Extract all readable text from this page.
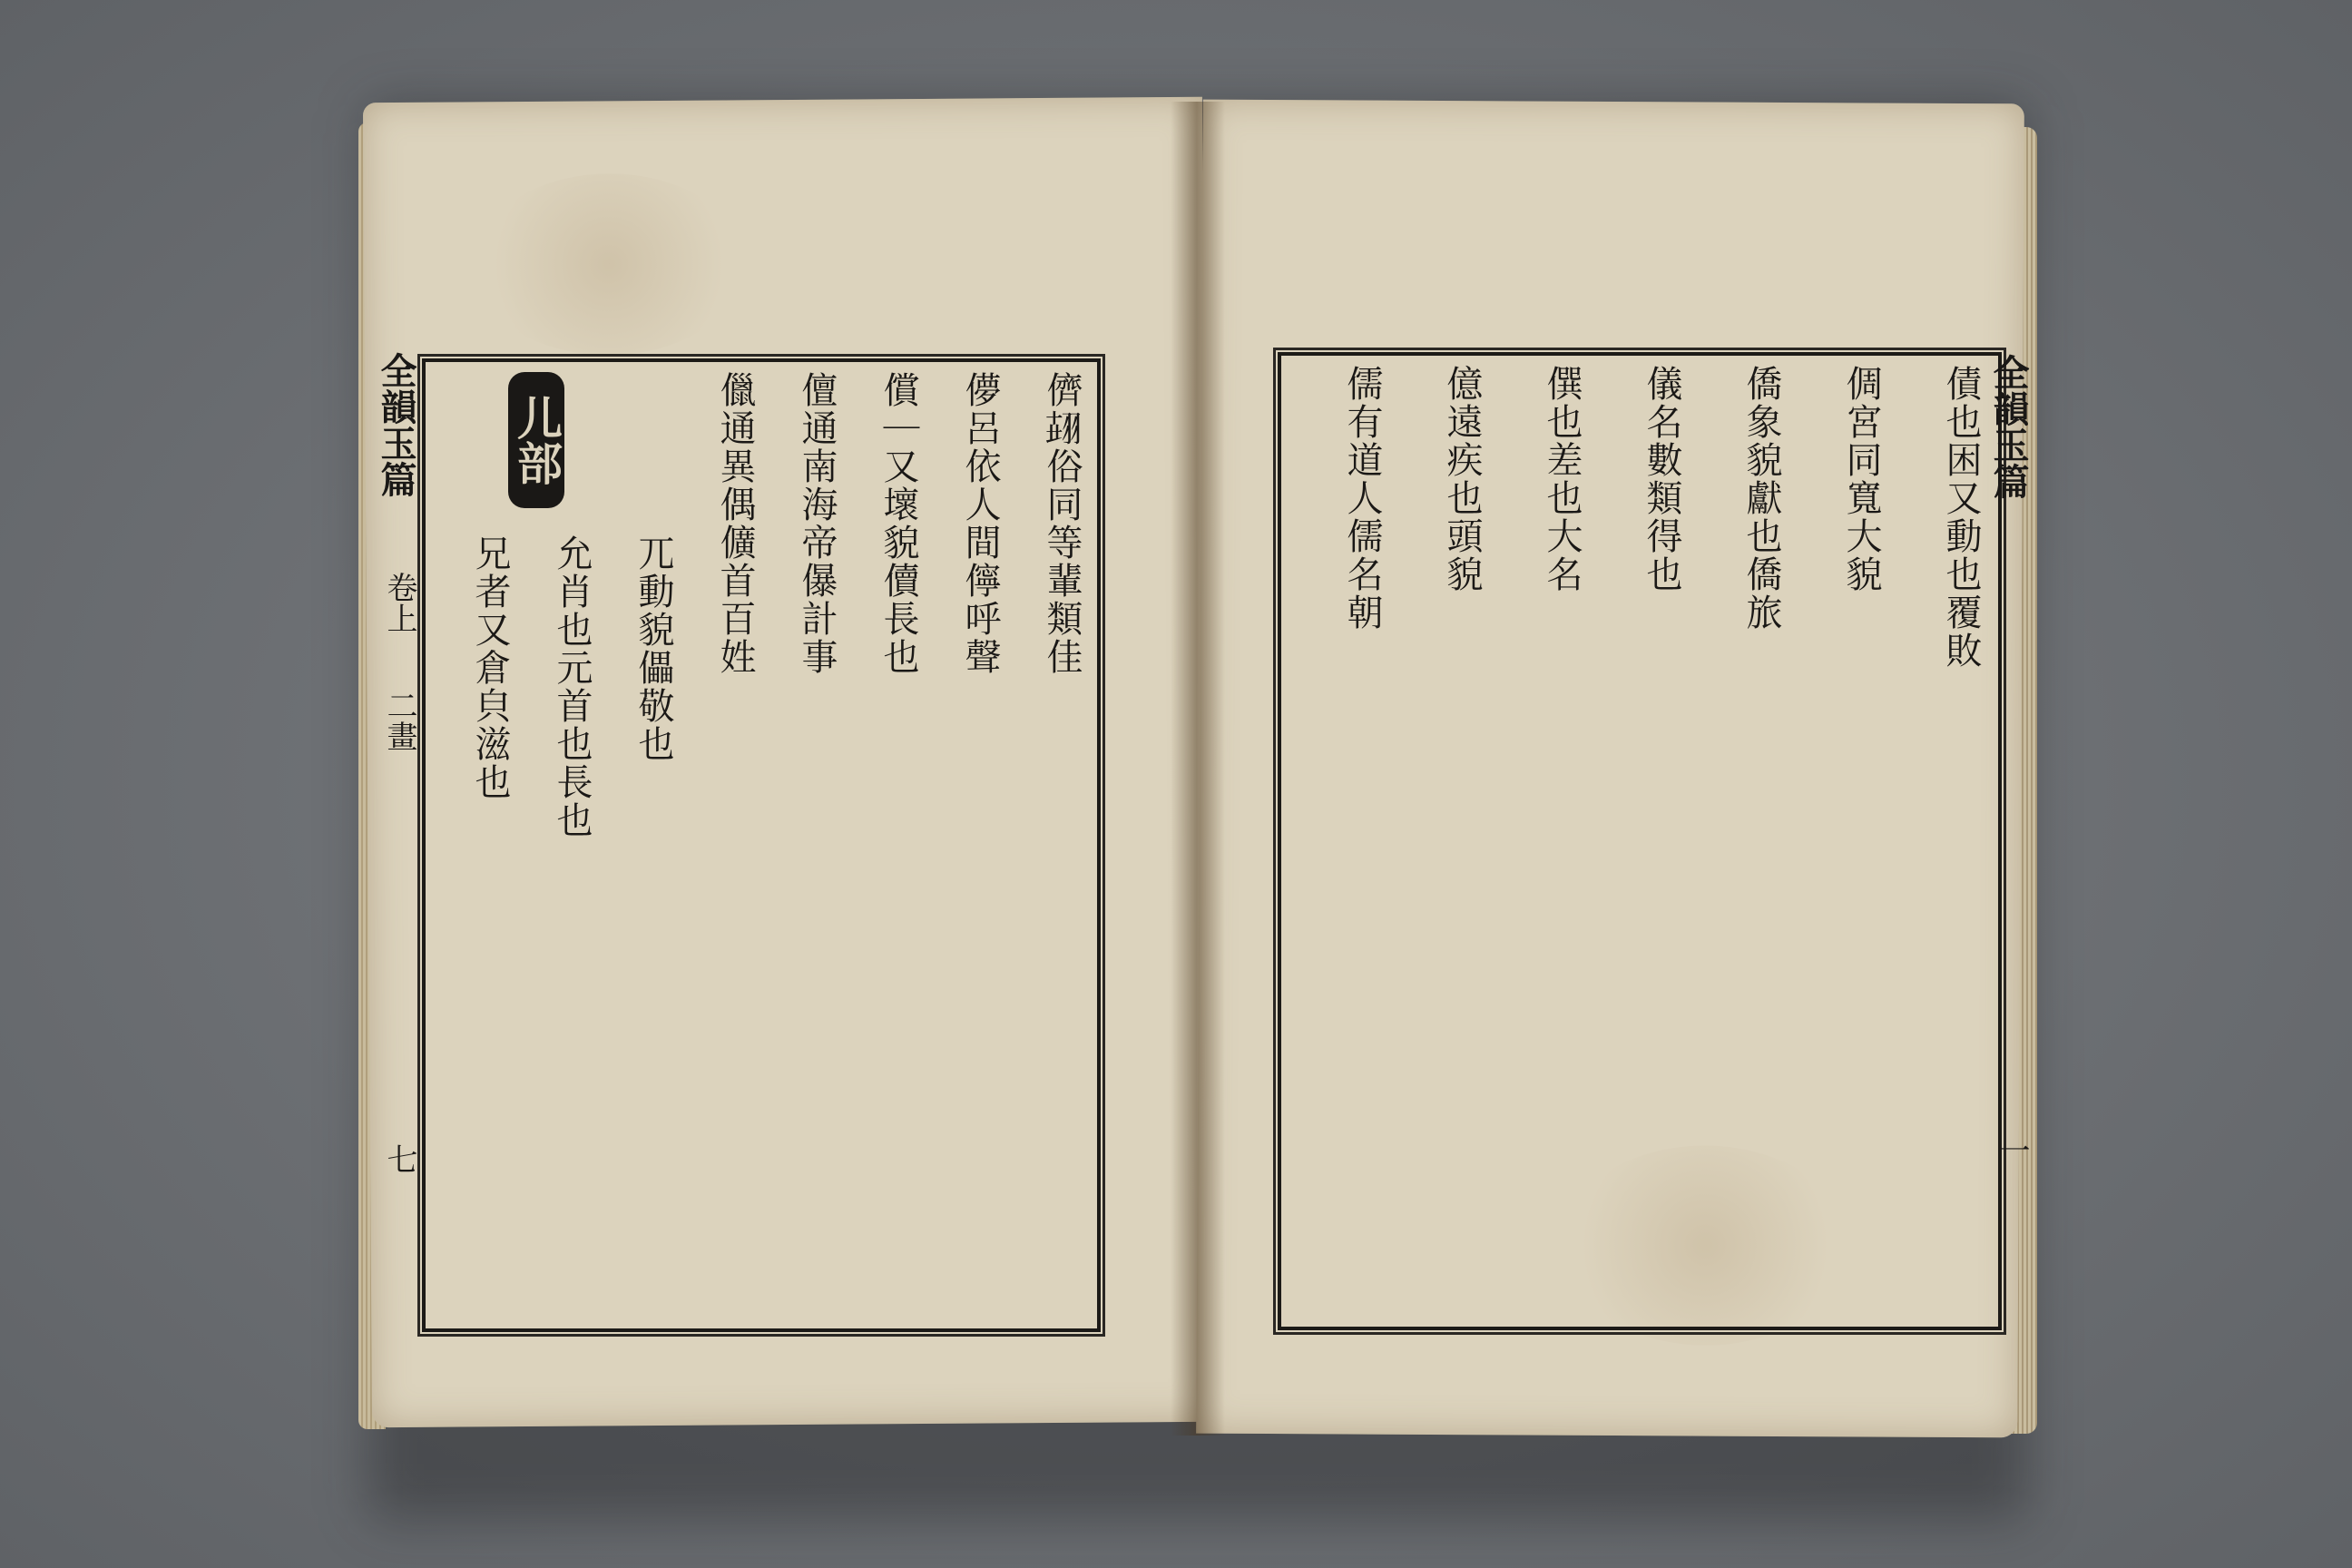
全韻玉篇
卷上
二畫
七
儕𦐫俗同等輩類佳
儚呂依人間儜呼聲
償｜又壞貌儥長也
儃通南海帝儤計事
儠通異偶儣首百姓
兀動貌儡敬也
允肖也元首也長也
兄者又倉㒵滋也
儿部	債也困又動也覆敗
倜宮同寬大貌
僑象貌獻也僑旅
儀名數類得也
僎也差也大名
億遠疾也頭貌
儒有道人儒名朝	全韻玉篇
一
